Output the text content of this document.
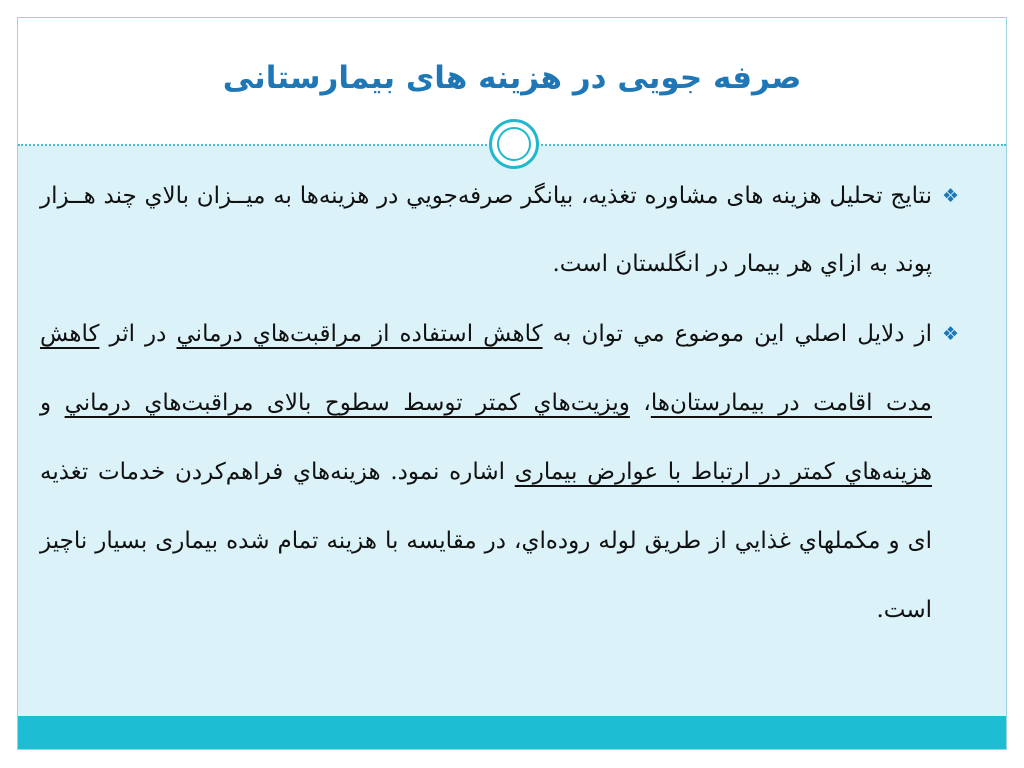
صرفه جويی در هزينه های بيمارستانی

❖
نتايج تحليل هزينه های مشاوره تغذيه، بيانگر صرفه‌جويي در هزينه‌ها به ميــزان بالاي چند هــزار پوند به ازاي هر بيمار در انگلستان است.

❖
از دلايل اصلي اين موضوع مي توان به كاهش استفاده از مراقبت‌هاي درماني در اثر كاهش مدت اقامت در بيمارستان‌ها، ويزيت‌هاي كمتر توسط سطوح بالای مراقبت‌هاي درماني و هزينه‌هاي كمتر در ارتباط با عوارض بيماری اشاره نمود. هزينه‌هاي فراهم‌كردن خدمات تغذيه ای و مكملهاي غذايي از طريق لوله روده‌اي، در مقايسه با هزينه تمام شده بيماری بسيار ناچيز است.
